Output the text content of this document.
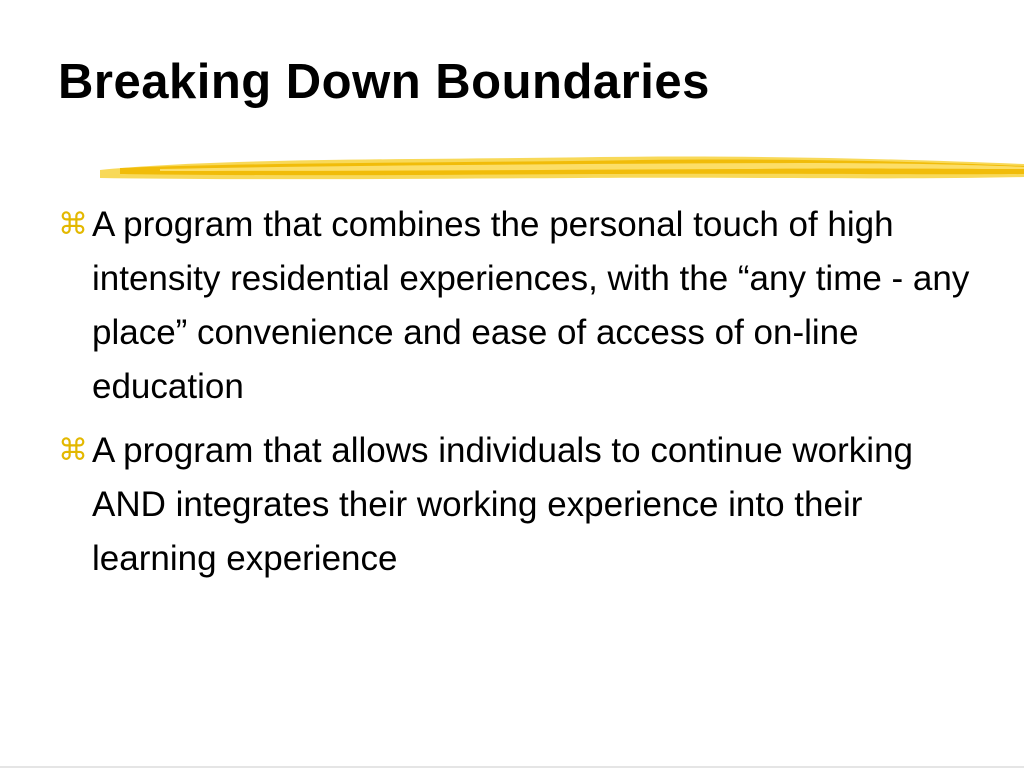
Breaking Down Boundaries
⌘ A program that combines the personal touch of high intensity residential experiences, with the “any time - any place” convenience and ease of access of on-line education
⌘ A program that allows individuals to continue working AND integrates their working experience into their learning experience
